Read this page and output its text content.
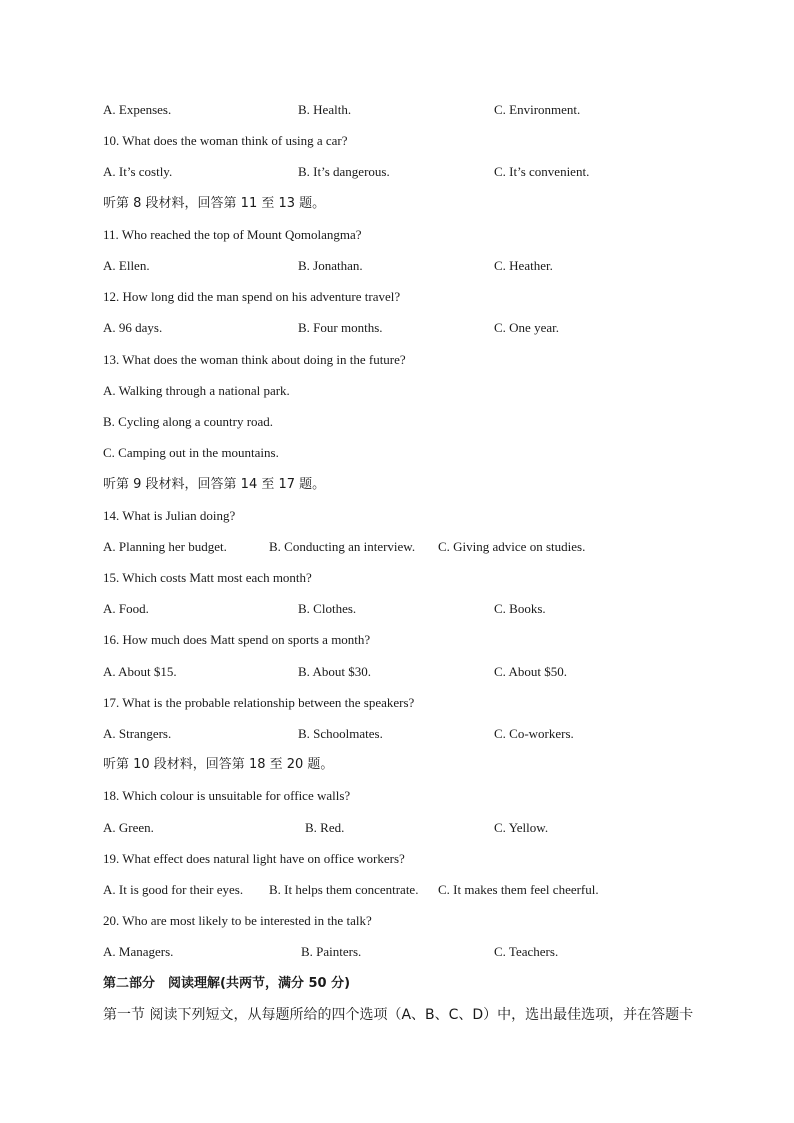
A. Expenses.	B. Health.	C. Environment.
10. What does the woman think of using a car?
A. It’s costly.	B. It’s dangerous.	C. It’s convenient.
听第 8 段材料，回答第 11 至 13 题。
11. Who reached the top of Mount Qomolangma?
A. Ellen.	B. Jonathan.	C. Heather.
12. How long did the man spend on his adventure travel?
A. 96 days.	B. Four months.	C. One year.
13. What does the woman think about doing in the future?
A. Walking through a national park.
B. Cycling along a country road.
C. Camping out in the mountains.
听第 9 段材料，回答第 14 至 17 题。
14. What is Julian doing?
A. Planning her budget.	B. Conducting an interview. C. Giving advice on studies.
15. Which costs Matt most each month?
A. Food.	B. Clothes.	C. Books.
16. How much does Matt spend on sports a month?
A. About $15.	B. About $30.	C. About $50.
17. What is the probable relationship between the speakers?
A. Strangers.	B. Schoolmates.	C. Co-workers.
听第 10 段材料，回答第 18 至 20 题。
18. Which colour is unsuitable for office walls?
A. Green.	B. Red.	C. Yellow.
19. What effect does natural light have on office workers?
A. It is good for their eyes. B. It helps them concentrate. C. It makes them feel cheerful.
20. Who are most likely to be interested in the talk?
A. Managers.	B. Painters.	C. Teachers.
第二部分　阅读理解(共两节，满分 50 分)
第一节 阅读下列短文，从每题所给的四个选项（A、B、C、D）中，选出最佳选项，并在答题卡
